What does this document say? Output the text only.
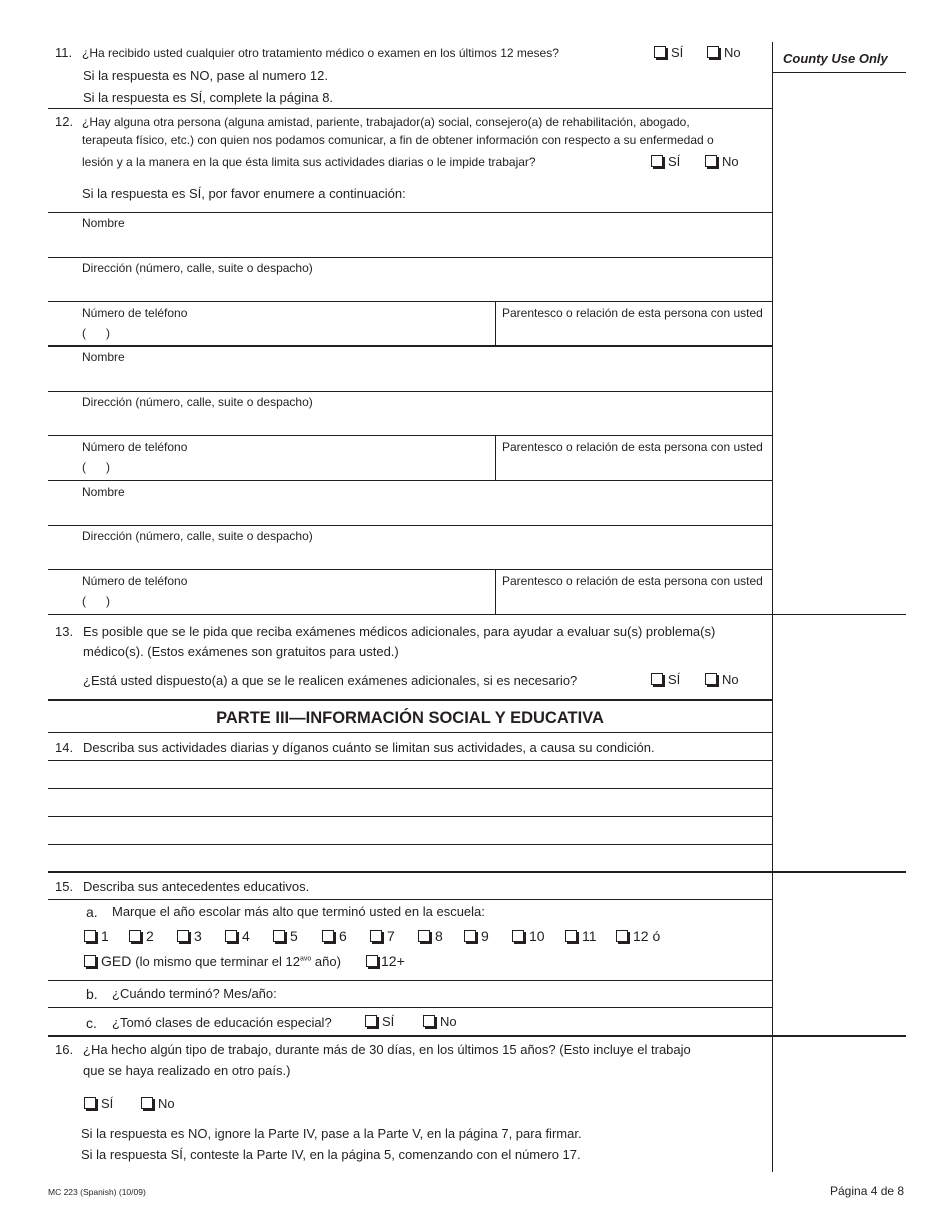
County Use Only
11. ¿Ha recibido usted cualquier otro tratamiento médico o examen en los últimos 12 meses?	SÍ	No
Si la respuesta es NO, pase al numero 12.
Si la respuesta es SÍ, complete la página 8.
12. ¿Hay alguna otra persona (alguna amistad, pariente, trabajador(a) social, consejero(a) de rehabilitación, abogado,
terapeuta físico, etc.) con quien nos podamos comunicar, a fin de obtener información con respecto a su enfermedad o
lesión y a la manera en la que ésta limita sus actividades diarias o le impide trabajar?	SÍ	No
Si la respuesta es SÍ, por favor enumere a continuación:
Nombre
Dirección (número, calle, suite o despacho)
Número de teléfono
(      )
Parentesco o relación de esta persona con usted
Nombre
Dirección (número, calle, suite o despacho)
Número de teléfono
(      )
Parentesco o relación de esta persona con usted
Nombre
Dirección (número, calle, suite o despacho)
Número de teléfono
(      )
Parentesco o relación de esta persona con usted
13. Es posible que se le pida que reciba exámenes médicos adicionales, para ayudar a evaluar su(s) problema(s)
médico(s). (Estos exámenes son gratuitos para usted.)
¿Está usted dispuesto(a) a que se le realicen exámenes adicionales, si es necesario?	SÍ	No
PARTE III—INFORMACIÓN SOCIAL Y EDUCATIVA
14. Describa sus actividades diarias y díganos cuánto se limitan sus actividades, a causa su condición.
15. Describa sus antecedentes educativos.
a. Marque el año escolar más alto que terminó usted en la escuela:
1	2	3	4	5	6	7	8	9	10	11	12 ó
GED (lo mismo que terminar el $12^{avo}$ año)	12+
b. ¿Cuándo terminó? Mes/año:
c. ¿Tomó clases de educación especial?	SÍ	No
16. ¿Ha hecho algún tipo de trabajo, durante más de 30 días, en los últimos 15 años? (Esto incluye el trabajo
que se haya realizado en otro país.)
SÍ	No
Si la respuesta es NO, ignore la Parte IV, pase a la Parte V, en la página 7, para firmar.
Si la respuesta SÍ, conteste la Parte IV, en la página 5, comenzando con el número 17.
MC 223 (Spanish) (10/09)	Página 4 de 8
